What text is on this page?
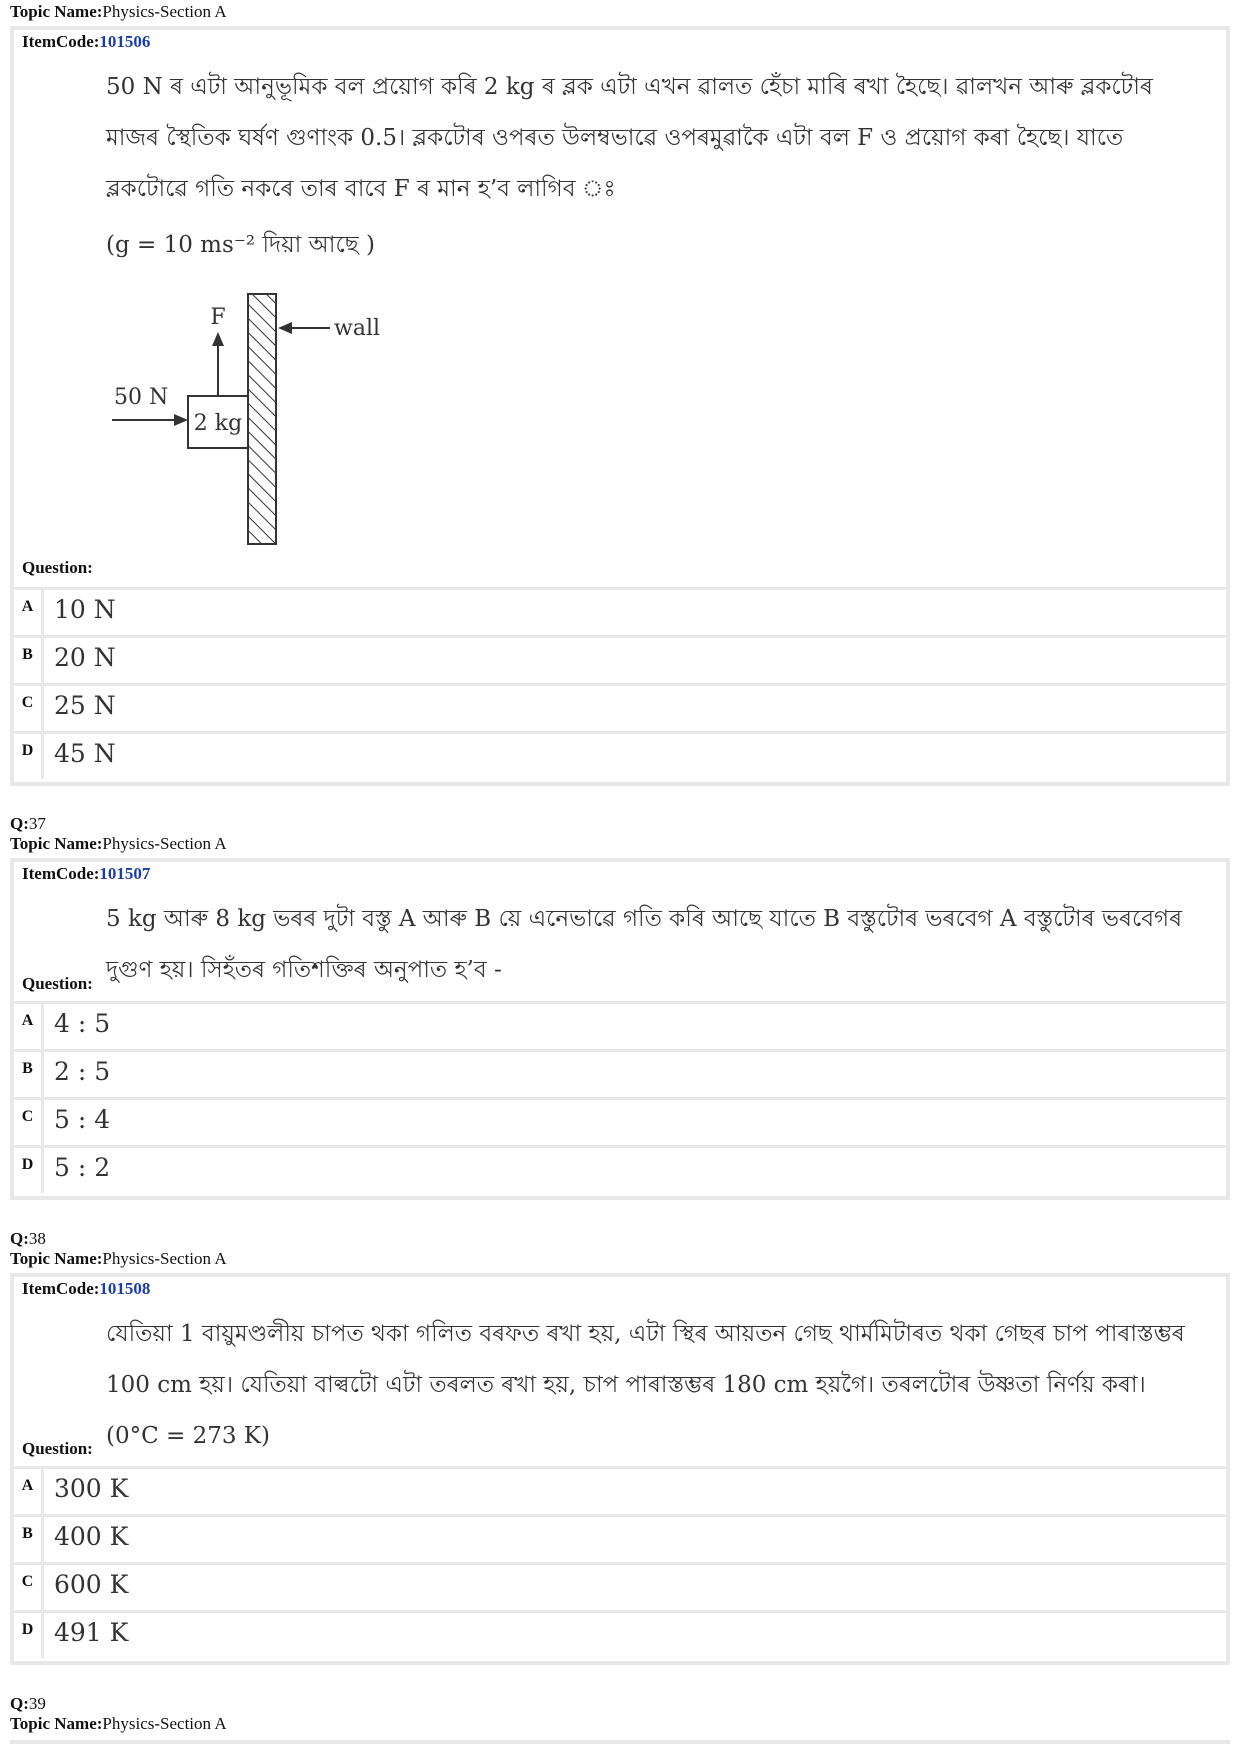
Topic Name:Physics-Section A
ItemCode:101506
50 N ৰ এটা আনুভূমিক বল প্ৰয়োগ কৰি 2 kg ৰ ব্লক এটা এখন ৱালত হেঁচা মাৰি ৰখা হৈছে। ৱালখন আৰু ব্লকটোৰ
মাজৰ স্থৈতিক ঘৰ্ষণ গুণাংক 0.5। ব্লকটোৰ ওপৰত উলম্বভাৱে ওপৰমুৱাকৈ এটা বল F ও প্ৰয়োগ কৰা হৈছে। যাতে
ব্লকটোৱে গতি নকৰে তাৰ বাবে F ৰ মান হ’ব লাগিব ঃ
(g = 10 ms⁻² দিয়া আছে )
2 kg
F
50 N
wall
Question:
A 10 N
B 20 N
C 25 N
D 45 N
Q:37
Topic Name:Physics-Section A
ItemCode:101507
5 kg আৰু 8 kg ভৰৰ দুটা বস্তু A আৰু B য়ে এনেভাৱে গতি কৰি আছে যাতে B বস্তুটোৰ ভৰবেগ A বস্তুটোৰ ভৰবেগৰ
দুগুণ হয়। সিহঁতৰ গতিশক্তিৰ অনুপাত হ’ব -
Question:
A 4 : 5
B 2 : 5
C 5 : 4
D 5 : 2
Q:38
Topic Name:Physics-Section A
ItemCode:101508
যেতিয়া 1 বায়ুমণ্ডলীয় চাপত থকা গলিত বৰফত ৰখা হয়, এটা স্থিৰ আয়তন গেছ থাৰ্মমিটাৰত থকা গেছৰ চাপ পাৰাস্তম্ভৰ
100 cm হয়। যেতিয়া বাল্বটো এটা তৰলত ৰখা হয়, চাপ পাৰাস্তম্ভৰ 180 cm হয়গৈ। তৰলটোৰ উষ্ণতা নিৰ্ণয় কৰা।
(0°C = 273 K)
Question:
A 300 K
B 400 K
C 600 K
D 491 K
Q:39
Topic Name:Physics-Section A
